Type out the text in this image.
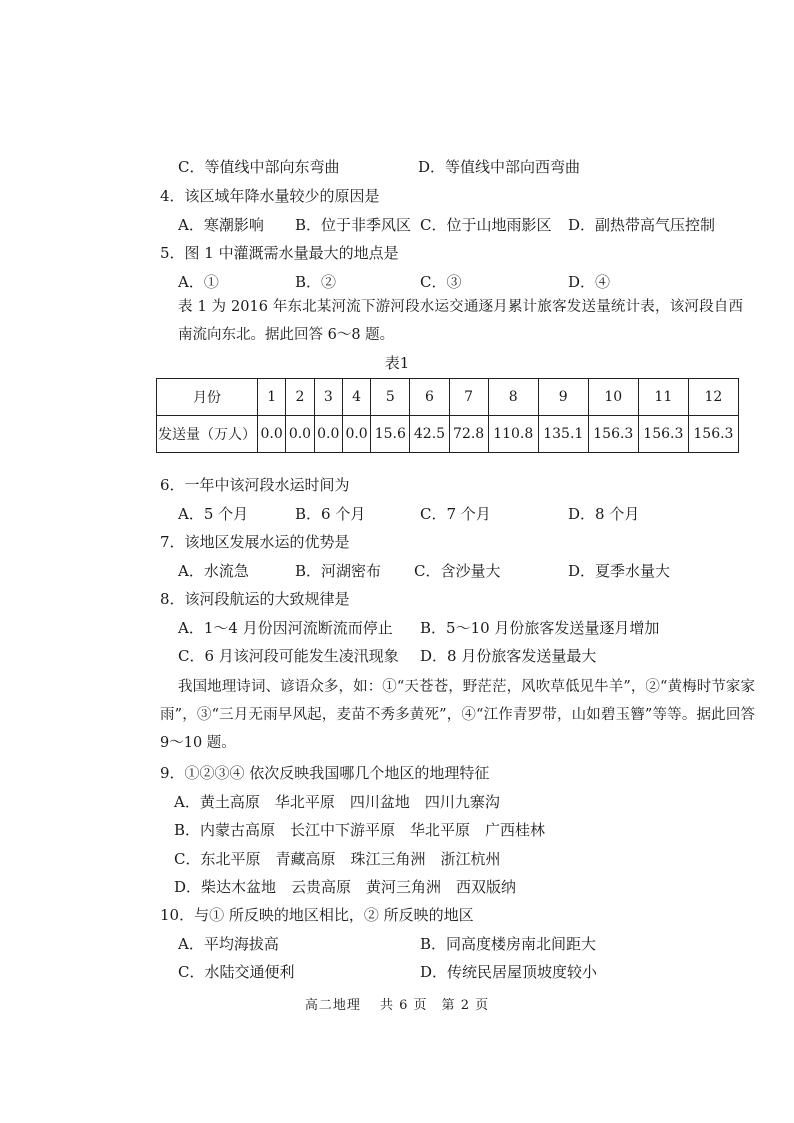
C．等值线中部向东弯曲	D．等值线中部向西弯曲
4．该区域年降水量较少的原因是
A．寒潮影响 B．位于非季风区 C．位于山地雨影区 D．副热带高气压控制
5．图 1 中灌溉需水量最大的地点是
A．①	B．②	C．③	D．④
表 1 为 2016 年东北某河流下游河段水运交通逐月累计旅客发送量统计表，该河段自西南流向东北。据此回答 6～8 题。
表1
月份	1	2	3	4	5	6	7	8	9	10	11	12
发送量（万人）	0.0	0.0	0.0	0.0	15.6	42.5	72.8	110.8	135.1	156.3	156.3	156.3
6．一年中该河段水运时间为
A．5 个月	B．6 个月	C．7 个月	D．8 个月
7．该地区发展水运的优势是
A．水流急	B．河湖密布 C．含沙量大	D．夏季水量大
8．该河段航运的大致规律是
A．1～4 月份因河流断流而停止 B．5～10 月份旅客发送量逐月增加
C．6 月该河段可能发生凌汛现象 D．8 月份旅客发送量最大
我国地理诗词、谚语众多，如：①“天苍苍，野茫茫，风吹草低见牛羊”，②“黄梅时节家家雨”，③“三月无雨早风起，麦苗不秀多黄死”，④“江作青罗带，山如碧玉簪”等等。据此回答 9～10 题。
9．①②③④ 依次反映我国哪几个地区的地理特征
A．黄土高原　华北平原　四川盆地　四川九寨沟
B．内蒙古高原　长江中下游平原　华北平原　广西桂林
C．东北平原　青藏高原　珠江三角洲　浙江杭州
D．柴达木盆地　云贵高原　黄河三角洲　西双版纳
10．与① 所反映的地区相比，② 所反映的地区
A．平均海拔高	B．同高度楼房南北间距大
C．水陆交通便利	D．传统民居屋顶坡度较小
高二地理　 共 6 页　第 2 页
